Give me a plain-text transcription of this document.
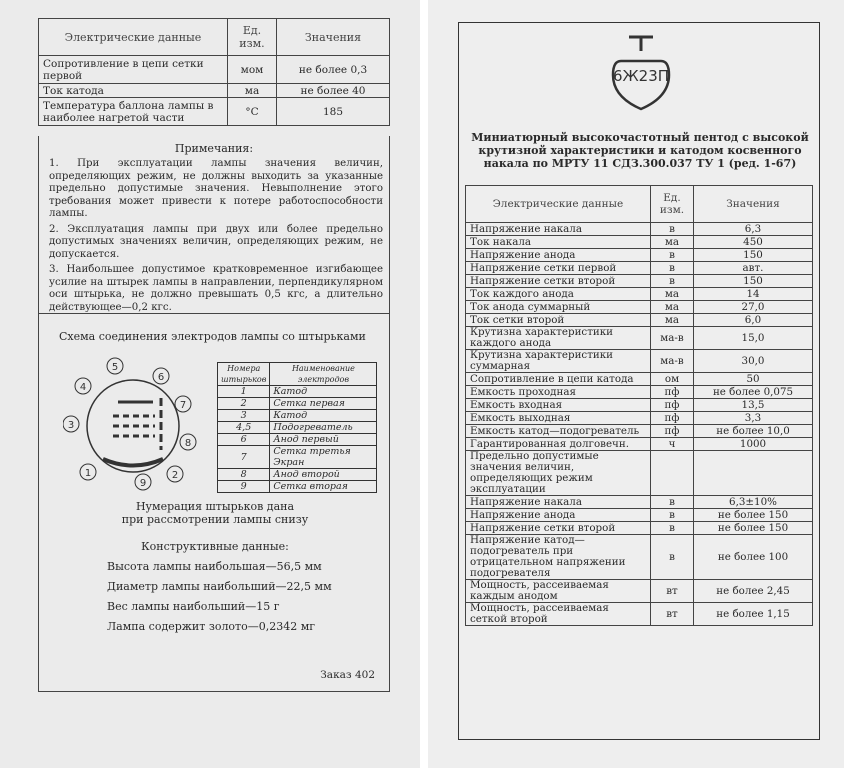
Электрические данные	Ед. изм.	Значения
Сопротивление в цепи сетки первой	мом	не более 0,3
Ток катода	ма	не более 40
Температура баллона лампы в наиболее нагретой части	°С	185
Примечания:
1. При эксплуатации лампы значения величин, определяющих режим, не должны выходить за указанные предельно допустимые значения. Невыполнение этого требования может привести к потере работоспособности лампы.
2. Эксплуатация лампы при двух или более предельно допустимых значениях величин, определяющих режим, не допускается.
3. Наибольшее допустимое кратковременное изгибающее усилие на штырек лампы в направлении, перпендикулярном оси штырька, не должно превышать 0,5 кгс, а длительно действующее—0,2 кгс.
Схема соединения электродов лампы со штырьками
1	2
3
4
5
6
7
8
9
Номера штырьков	Наименование электродов
1	Катод
2	Сетка первая
3	Катод
4,5	Подогреватель
6	Анод первый
7	Сетка третья Экран
8	Анод второй
9	Сетка вторая
Нумерация штырьков дана
при рассмотрении лампы снизу
Конструктивные данные:
Высота лампы наибольшая—56,5 мм
Диаметр лампы наибольший—22,5 мм
Вес лампы наибольший—15 г
Лампа содержит золото—0,2342 мг
Заказ 402
6Ж23П
Миниатюрный высокочастотный пентод с высокой
крутизной характеристики и катодом косвенного
накала по МРТУ 11 СДЗ.300.037 ТУ 1 (ред. 1-67)
Электрические данные	Ед. изм.	Значения
Напряжение накала	в	6,3
Ток накала	ма	450
Напряжение анода	в	150
Напряжение сетки первой	в	авт.
Напряжение сетки второй	в	150
Ток каждого анода	ма	14
Ток анода суммарный	ма	27,0
Ток сетки второй	ма	6,0
Крутизна характеристики каждого анода	ма-в	15,0
Крутизна характеристики суммарная	ма-в	30,0
Сопротивление в цепи катода	ом	50
Емкость проходная	пф	не более 0,075
Емкость входная	пф	13,5
Емкость выходная	пф	3,3
Емкость катод—подогреватель	пф	не более 10,0
Гарантированная долговечн.	ч	1000
Предельно допустимые значения величин, определяющих режим эксплуатации		
Напряжение накала	в	6,3±10%
Напряжение анода	в	не более 150
Напряжение сетки второй	в	не более 150
Напряжение катод—подогреватель при отрицательном напряжении подогревателя	в	не более 100
Мощность, рассеиваемая каждым анодом	вт	не более 2,45
Мощность, рассеиваемая сеткой второй	вт	не более 1,15
